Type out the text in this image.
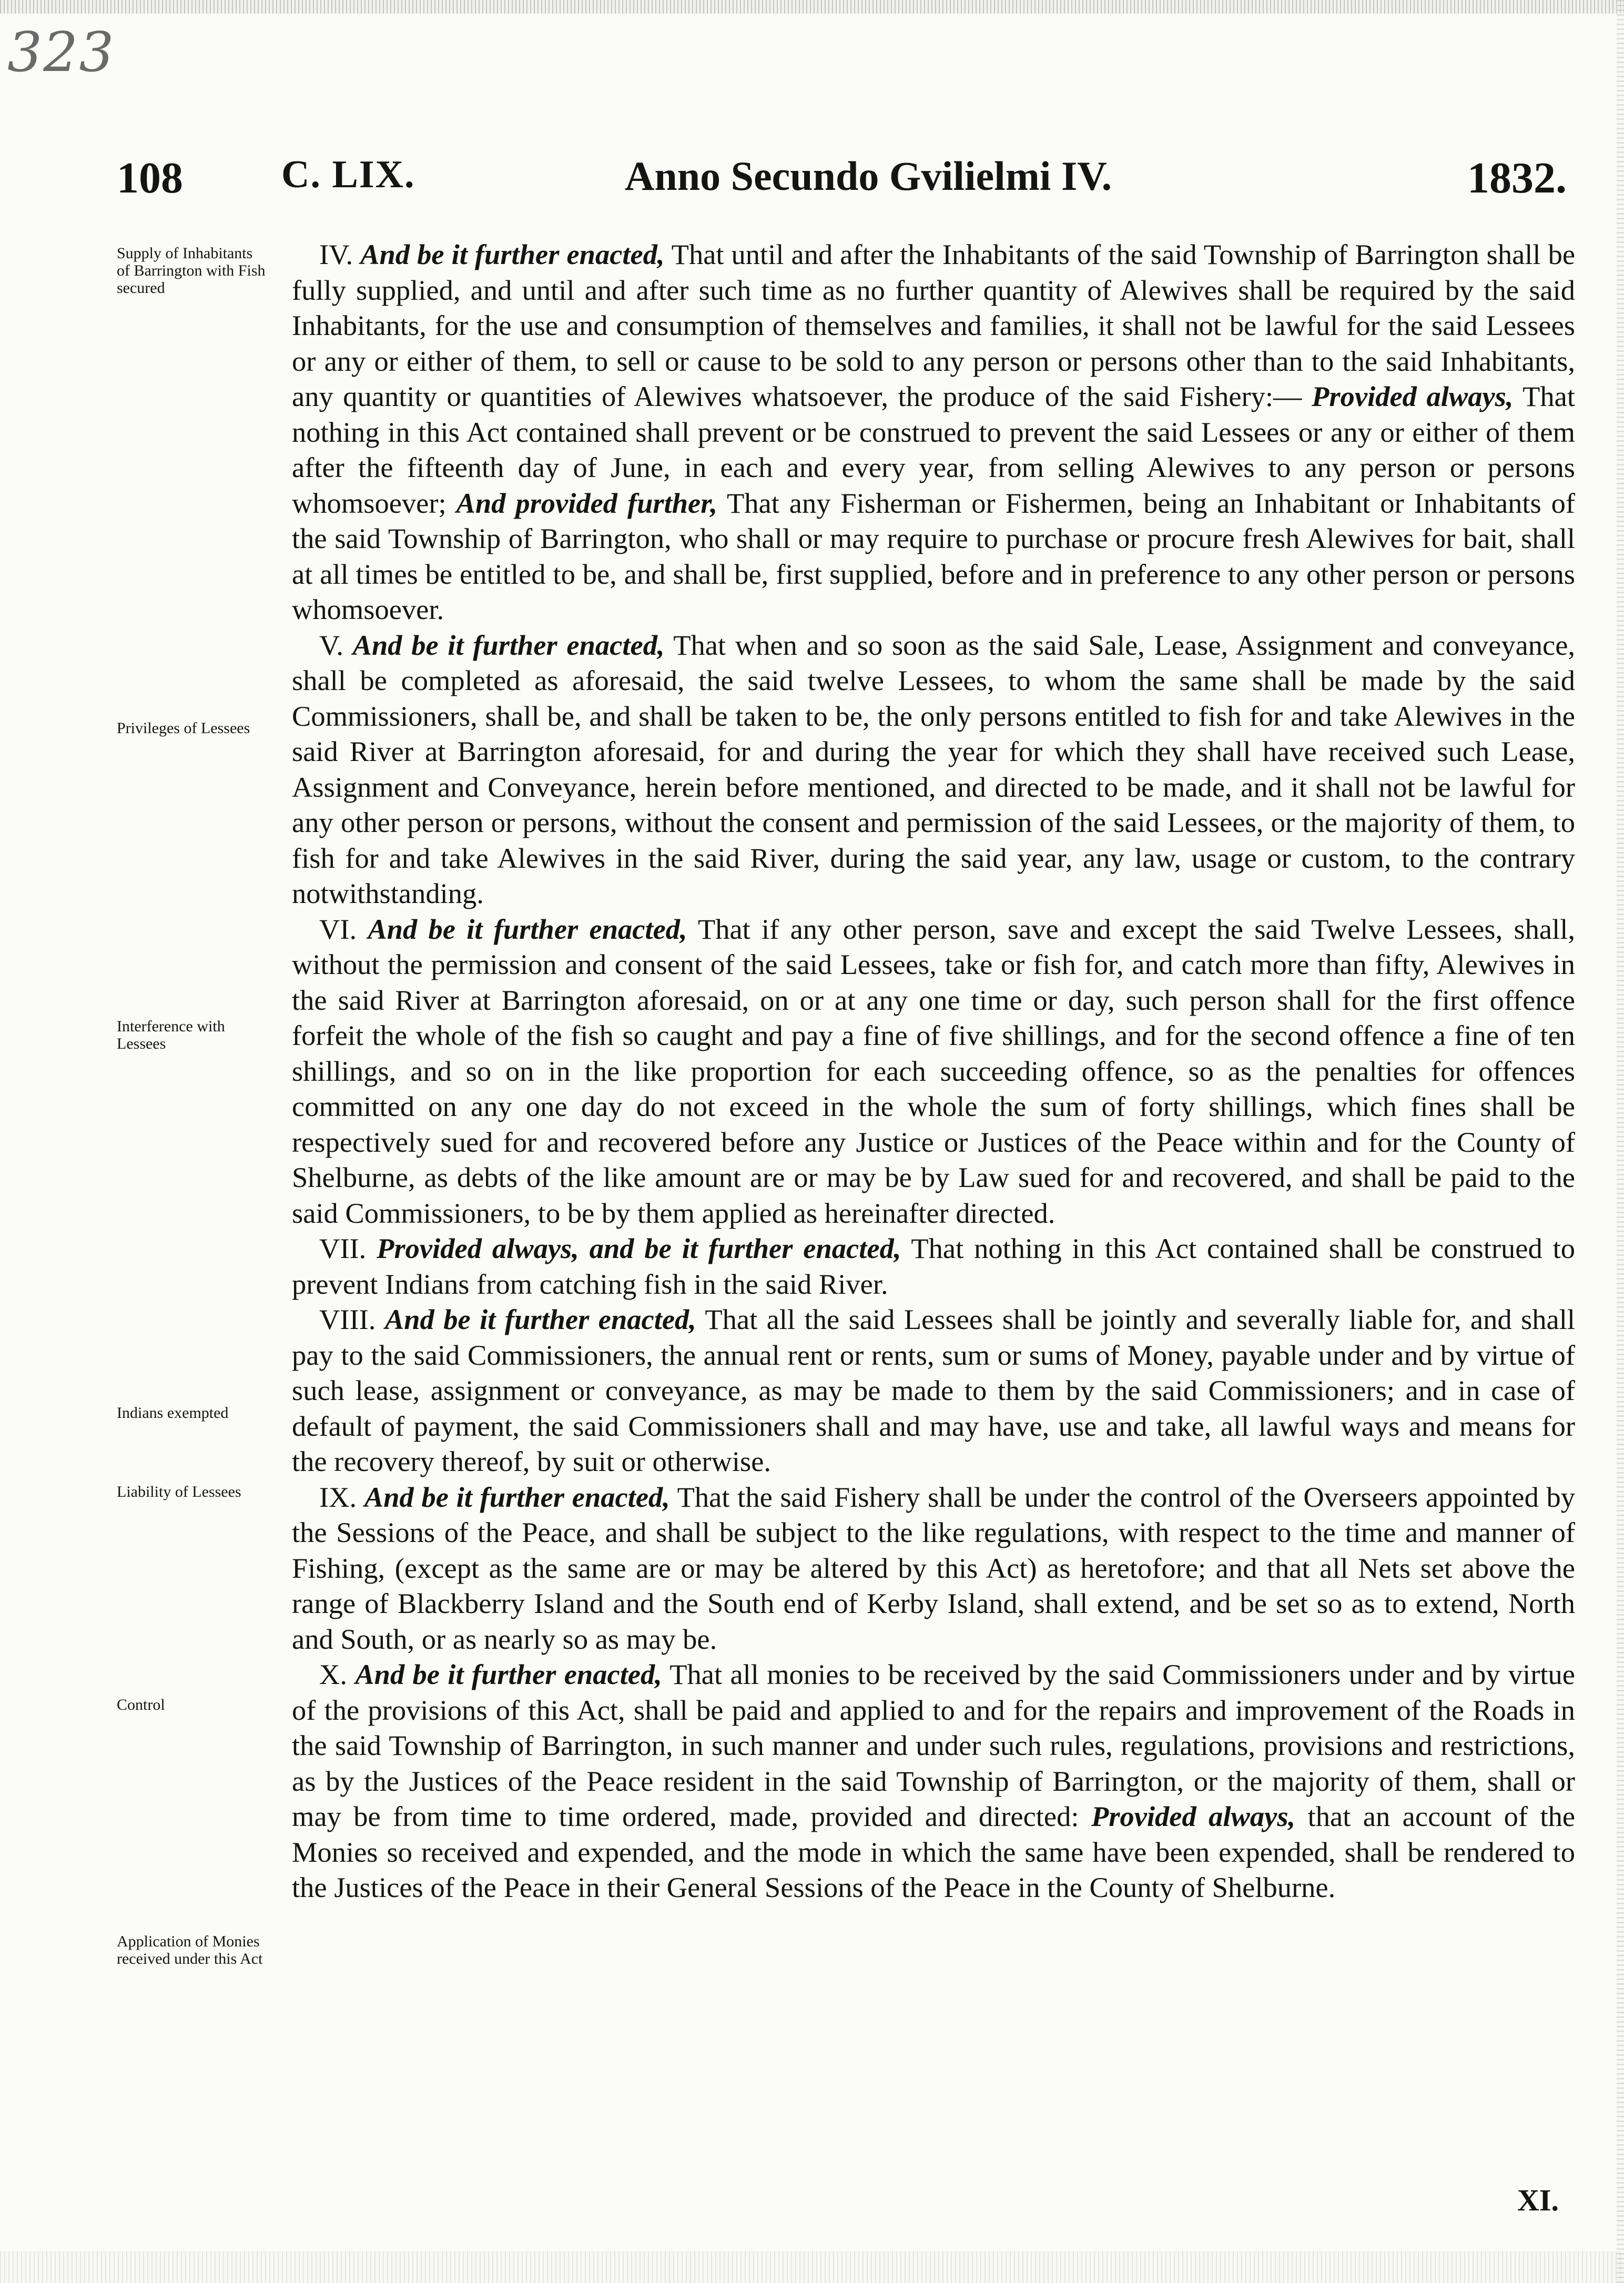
323
108	C. LIX.	Anno Secundo Gvilielmi IV.	1832.
Supply of Inhabitants of Barrington with Fish secured
Privileges of Lessees
Interference with Lessees
Indians exempted
Liability of Lessees
Control
Application of Monies received under this Act

IV. And be it further enacted, That until and after the Inhabitants of the said Township of Barrington shall be fully supplied, and until and after such time as no further quantity of Alewives shall be required by the said Inhabitants, for the use and consumption of themselves and families, it shall not be lawful for the said Lessees or any or either of them, to sell or cause to be sold to any person or persons other than to the said Inhabitants, any quantity or quantities of Alewives whatsoever, the produce of the said Fishery:— Provided always, That nothing in this Act contained shall prevent or be construed to prevent the said Lessees or any or either of them after the fifteenth day of June, in each and every year, from selling Alewives to any person or persons whomsoever; And provided further, That any Fisherman or Fishermen, being an Inhabitant or Inhabitants of the said Township of Barrington, who shall or may require to purchase or procure fresh Alewives for bait, shall at all times be entitled to be, and shall be, first supplied, before and in preference to any other person or persons whomsoever.

V. And be it further enacted, That when and so soon as the said Sale, Lease, Assignment and conveyance, shall be completed as aforesaid, the said twelve Lessees, to whom the same shall be made by the said Commissioners, shall be, and shall be taken to be, the only persons entitled to fish for and take Alewives in the said River at Barrington aforesaid, for and during the year for which they shall have received such Lease, Assignment and Conveyance, herein before mentioned, and directed to be made, and it shall not be lawful for any other person or persons, without the consent and permission of the said Lessees, or the majority of them, to fish for and take Alewives in the said River, during the said year, any law, usage or custom, to the contrary notwithstanding.

VI. And be it further enacted, That if any other person, save and except the said Twelve Lessees, shall, without the permission and consent of the said Lessees, take or fish for, and catch more than fifty, Alewives in the said River at Barrington aforesaid, on or at any one time or day, such person shall for the first offence forfeit the whole of the fish so caught and pay a fine of five shillings, and for the second offence a fine of ten shillings, and so on in the like proportion for each succeeding offence, so as the penalties for offences committed on any one day do not exceed in the whole the sum of forty shillings, which fines shall be respectively sued for and recovered before any Justice or Justices of the Peace within and for the County of Shelburne, as debts of the like amount are or may be by Law sued for and recovered, and shall be paid to the said Commissioners, to be by them applied as hereinafter directed.

VII. Provided always, and be it further enacted, That nothing in this Act contained shall be construed to prevent Indians from catching fish in the said River.

VIII. And be it further enacted, That all the said Lessees shall be jointly and severally liable for, and shall pay to the said Commissioners, the annual rent or rents, sum or sums of Money, payable under and by virtue of such lease, assignment or conveyance, as may be made to them by the said Commissioners; and in case of default of payment, the said Commissioners shall and may have, use and take, all lawful ways and means for the recovery thereof, by suit or otherwise.

IX. And be it further enacted, That the said Fishery shall be under the control of the Overseers appointed by the Sessions of the Peace, and shall be subject to the like regulations, with respect to the time and manner of Fishing, (except as the same are or may be altered by this Act) as heretofore; and that all Nets set above the range of Blackberry Island and the South end of Kerby Island, shall extend, and be set so as to extend, North and South, or as nearly so as may be.

X. And be it further enacted, That all monies to be received by the said Commissioners under and by virtue of the provisions of this Act, shall be paid and applied to and for the repairs and improvement of the Roads in the said Township of Barrington, in such manner and under such rules, regulations, provisions and restrictions, as by the Justices of the Peace resident in the said Township of Barrington, or the majority of them, shall or may be from time to time ordered, made, provided and directed: Provided always, that an account of the Monies so received and expended, and the mode in which the same have been expended, shall be rendered to the Justices of the Peace in their General Sessions of the Peace in the County of Shelburne.

XI.
